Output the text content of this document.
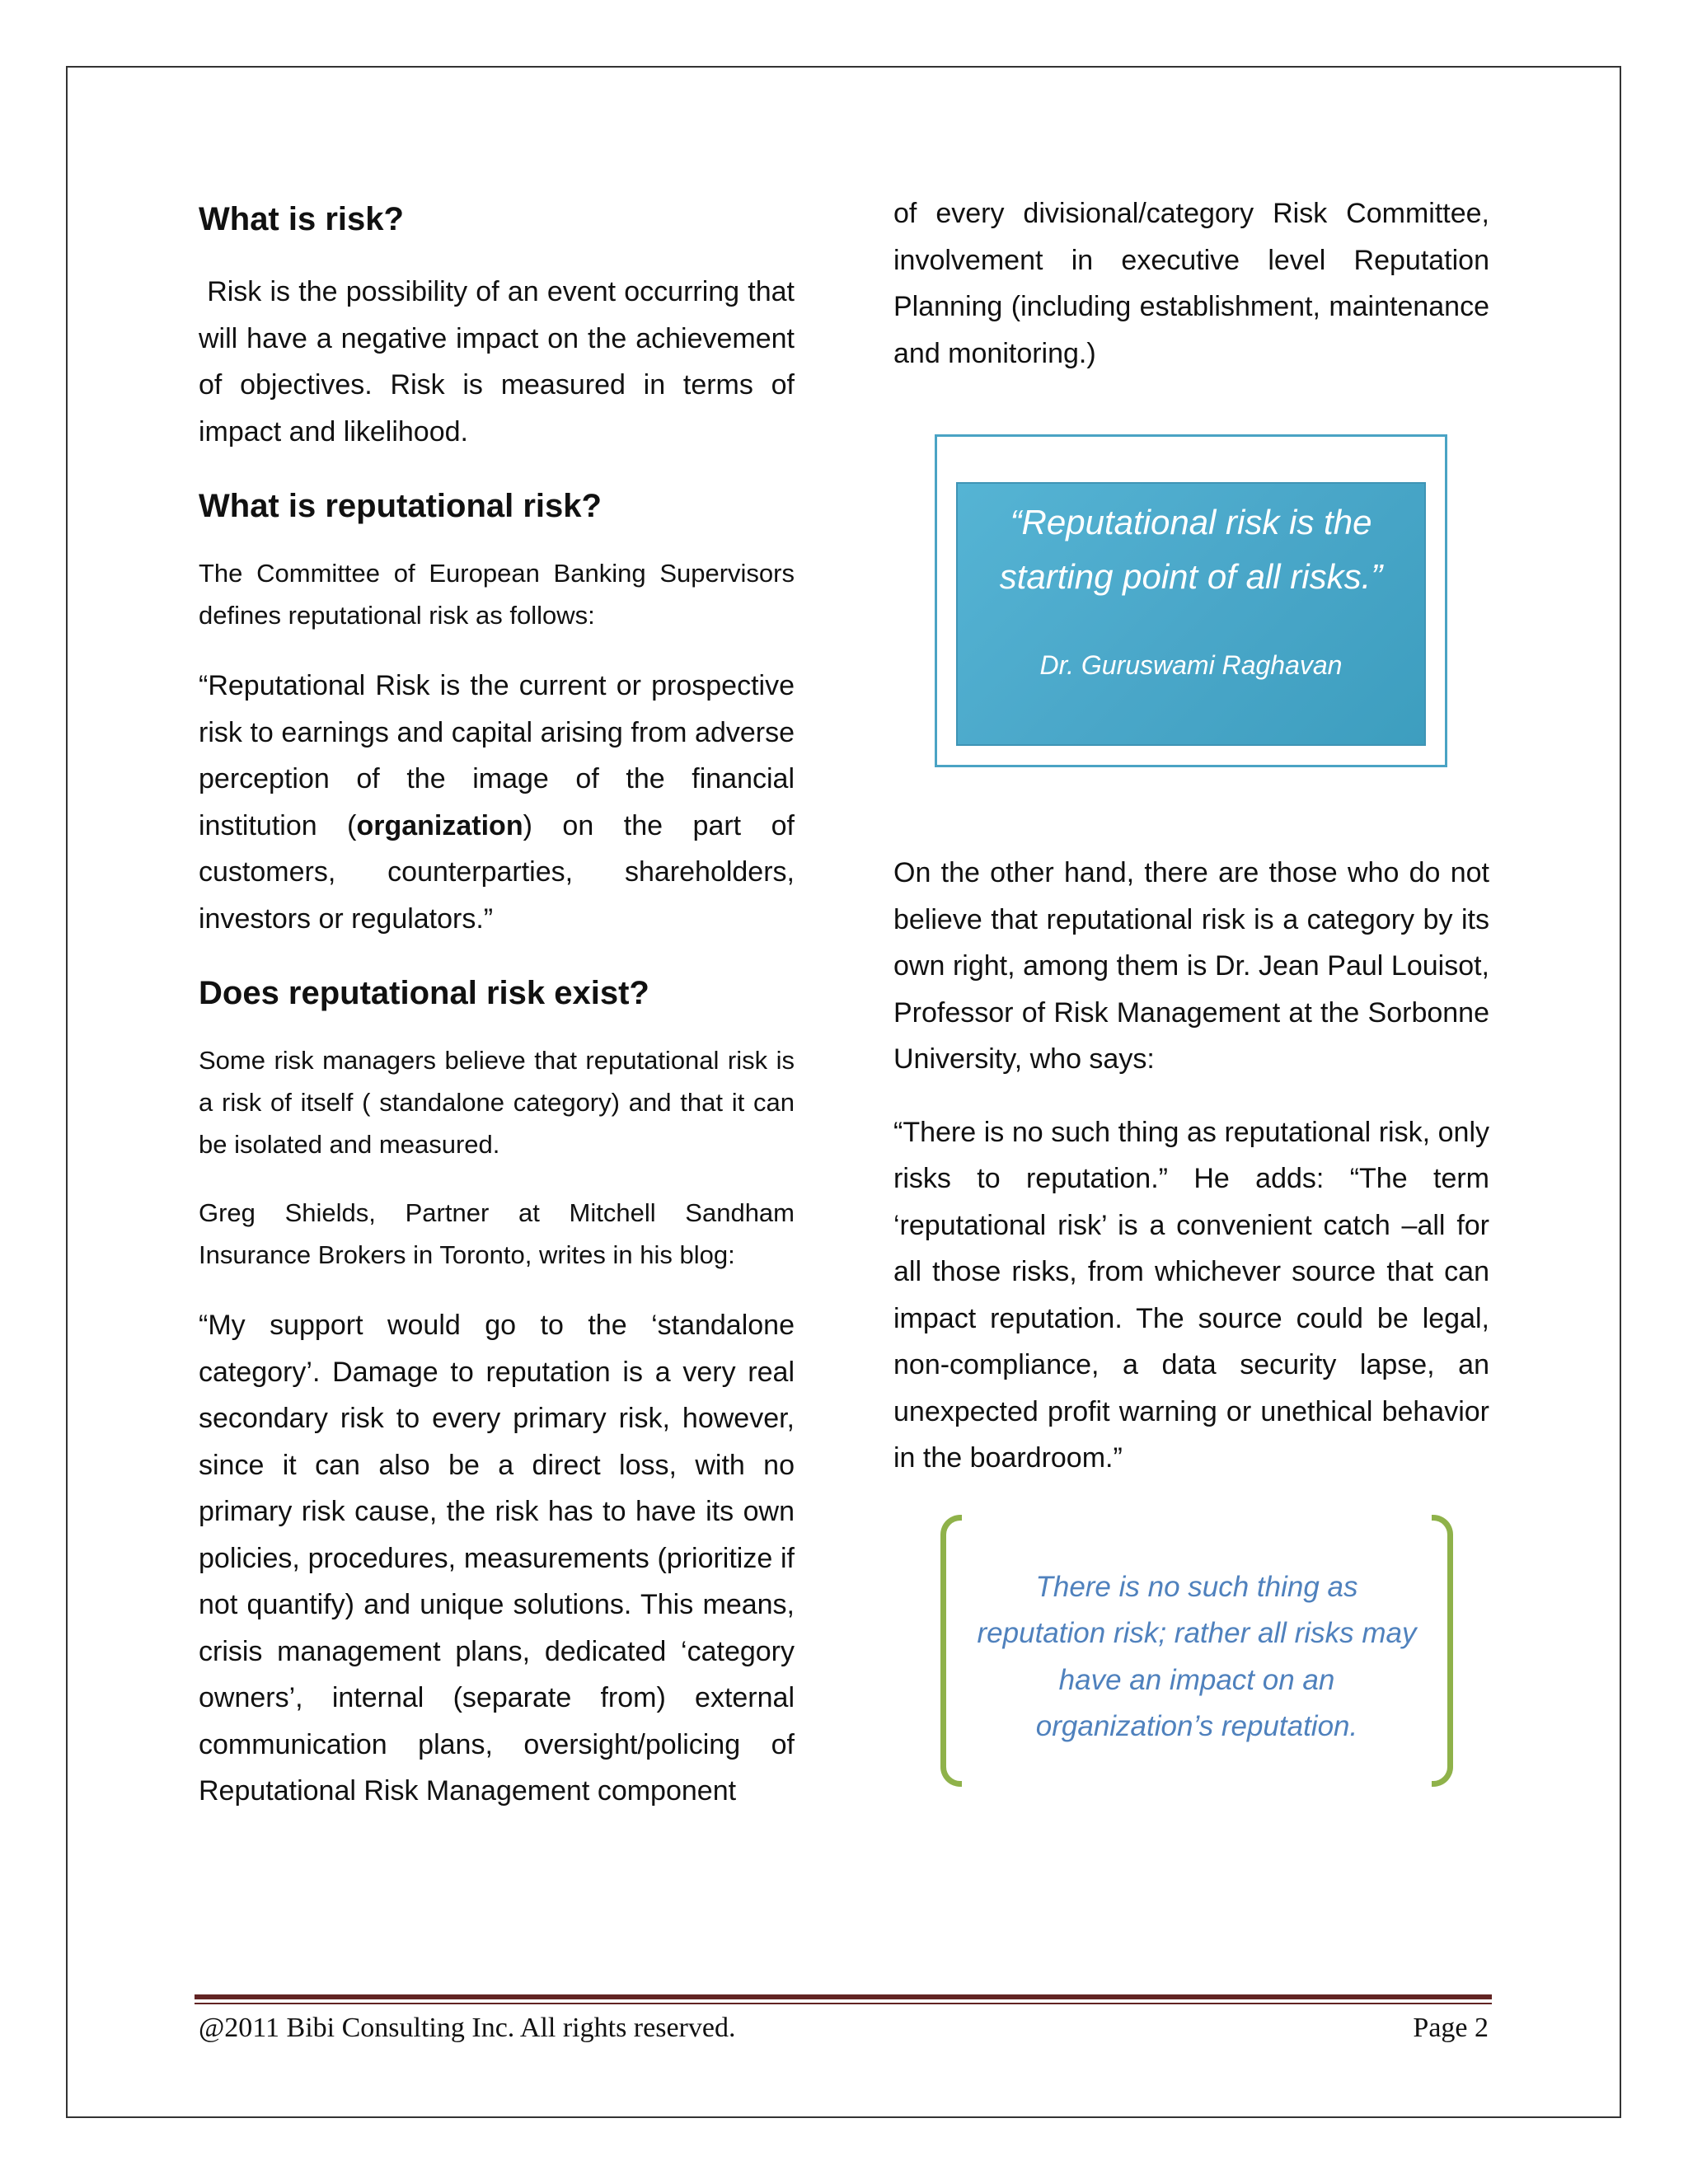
What is risk?

Risk is the possibility of an event occurring that will have a negative impact on the achievement of objectives. Risk is measured in terms of impact and likelihood.

What is reputational risk?

The Committee of European Banking Supervisors defines reputational risk as follows:

“Reputational Risk is the current or prospective risk to earnings and capital arising from adverse perception of the image of the financial institution (organization) on the part of customers, counterparties, shareholders, investors or regulators.”

Does reputational risk exist?

Some risk managers believe that reputational risk is a risk of itself ( standalone category) and that it can be isolated and measured.

Greg Shields, Partner at Mitchell Sandham Insurance Brokers in Toronto, writes in his blog:

“My support would go to the ‘standalone category’. Damage to reputation is a very real secondary risk to every primary risk, however, since it can also be a direct loss, with no primary risk cause, the risk has to have its own policies, procedures, measurements (prioritize if not quantify) and unique solutions. This means, crisis management plans, dedicated ‘category owners’, internal (separate from) external communication plans, oversight/policing of Reputational Risk Management component

of every divisional/category Risk Committee, involvement in executive level Reputation Planning (including establishment, maintenance and monitoring.)

“Reputational risk is the starting point of all risks.”
Dr. Guruswami Raghavan

On the other hand, there are those who do not believe that reputational risk is a category by its own right, among them is Dr. Jean Paul Louisot, Professor of Risk Management at the Sorbonne University, who says:

“There is no such thing as reputational risk, only risks to reputation.” He adds: “The term ‘reputational risk’ is a convenient catch –all for all those risks, from whichever source that can impact reputation. The source could be legal, non-compliance, a data security lapse, an unexpected profit warning or unethical behavior in the boardroom.”

There is no such thing as reputation risk; rather all risks may have an impact on an organization’s reputation.
@2011 Bibi Consulting Inc. All rights reserved.	Page 2
